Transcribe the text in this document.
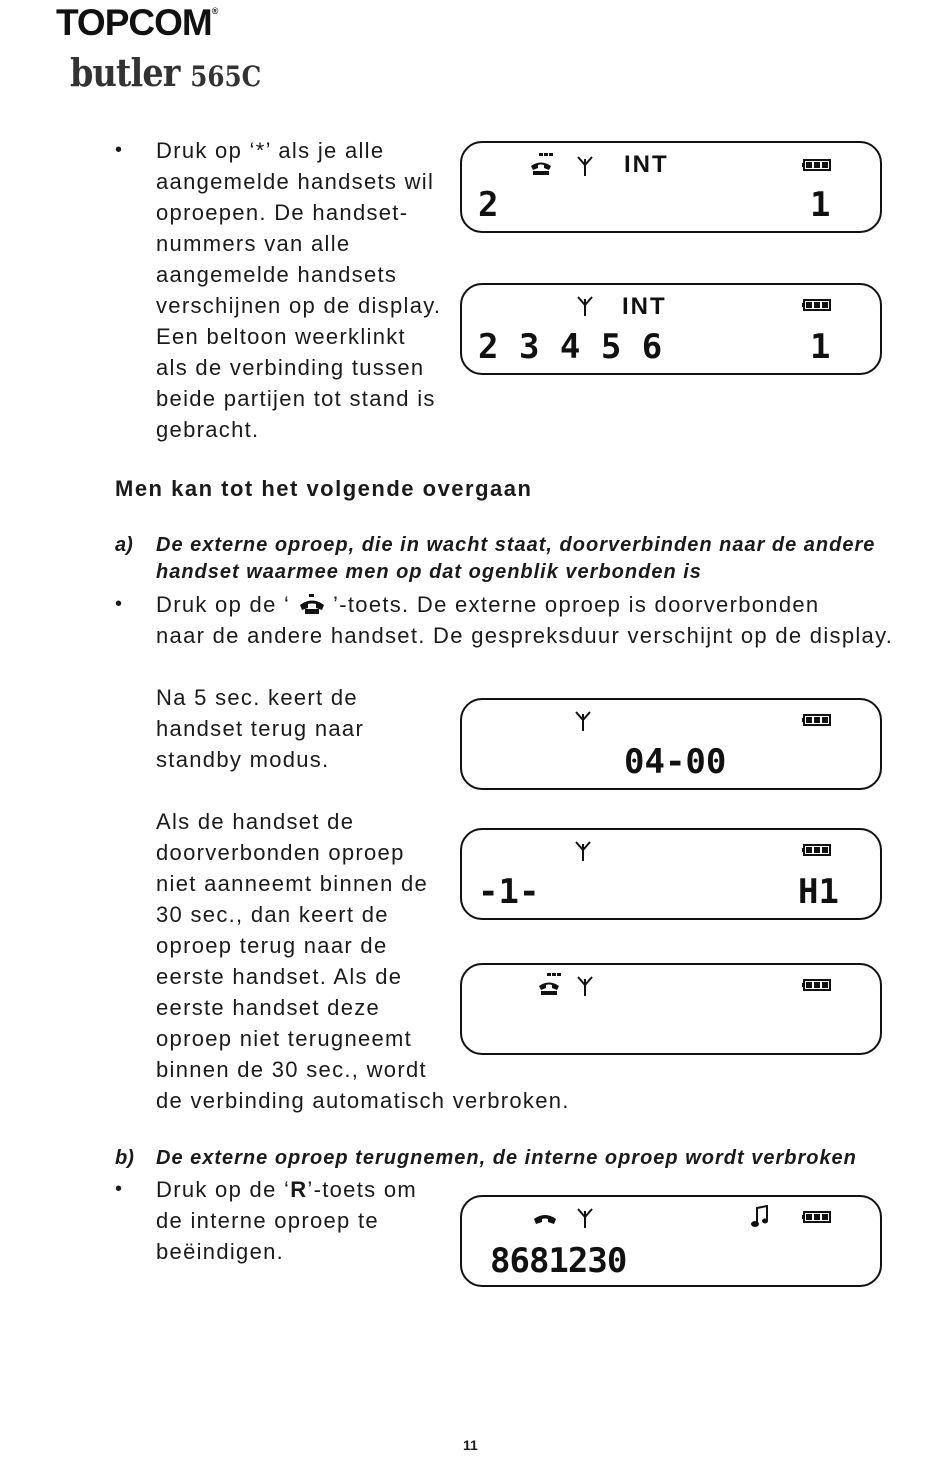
TOPCOM®
butler 565C
• Druk op ‘*’ als je alle
aangemelde handsets wil
oproepen. De handset-
nummers van alle
aangemelde handsets
verschijnen op de display.
Een beltoon weerklinkt
als de verbinding tussen
beide partijen tot stand is
gebracht.
INT
2	1
INT
2 3 4 5 6	1
Men kan tot het volgende overgaan
a) De externe oproep, die in wacht staat, doorverbinden naar de andere
handset waarmee men op dat ogenblik verbonden is
• Druk op de ‘  ’-toets. De externe oproep is doorverbonden
naar de andere handset. De gespreksduur verschijnt op de display.
Na 5 sec. keert de
handset terug naar
standby modus.	04-00
Als de handset de
doorverbonden oproep
niet aanneemt binnen de
30 sec., dan keert de
oproep terug naar de
eerste handset. Als de
eerste handset deze
oproep niet terugneemt
binnen de 30 sec., wordt
de verbinding automatisch verbroken.
-1-	H1
b) De externe oproep terugnemen, de interne oproep wordt verbroken
• Druk op de ‘R’-toets om
de interne oproep te
beëindigen.	8681230
11
